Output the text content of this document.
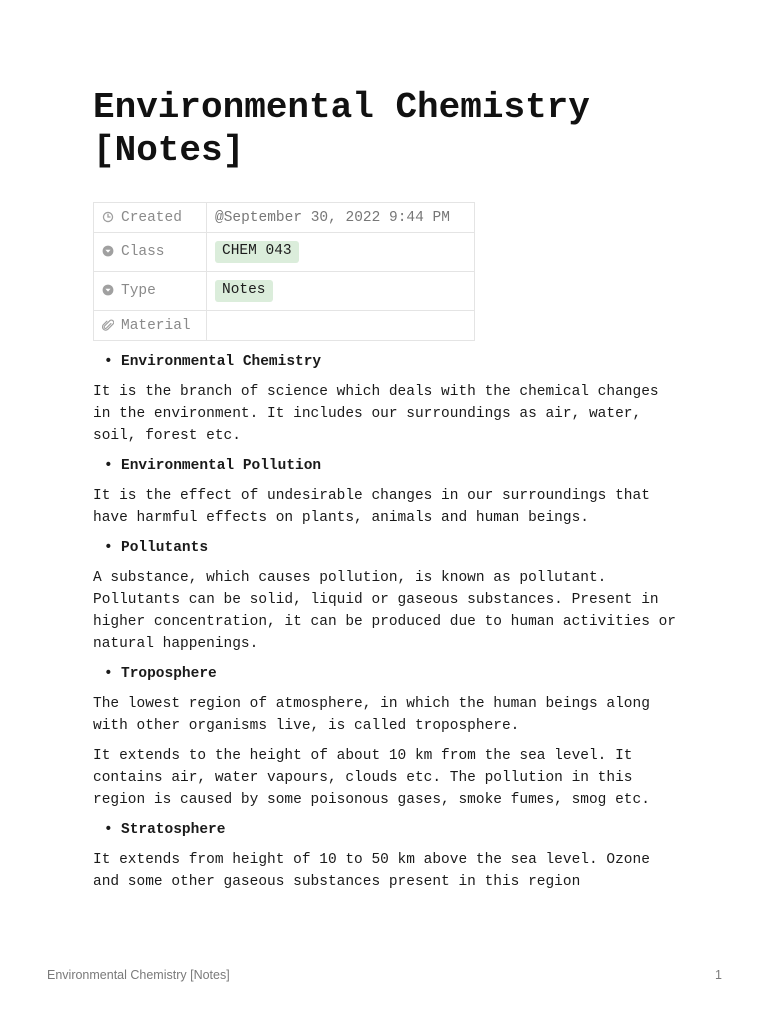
Environmental Chemistry [Notes]
Created	@September 30, 2022 9:44 PM
Class	CHEM 043
Type	Notes
Material	
• Environmental Chemistry

It is the branch of science which deals with the chemical changes in the environment. It includes our surroundings as air, water, soil, forest etc.

• Environmental Pollution

It is the effect of undesirable changes in our surroundings that have harmful effects on plants, animals and human beings.

• Pollutants

A substance, which causes pollution, is known as pollutant. Pollutants can be solid, liquid or gaseous substances. Present in higher concentration, it can be produced due to human activities or natural happenings.

• Troposphere

The lowest region of atmosphere, in which the human beings along with other organisms live, is called troposphere.

It extends to the height of about 10 km from the sea level. It contains air, water vapours, clouds etc. The pollution in this region is caused by some poisonous gases, smoke fumes, smog etc.

• Stratosphere

It extends from height of 10 to 50 km above the sea level. Ozone and some other gaseous substances present in this region

Environmental Chemistry [Notes]	1
